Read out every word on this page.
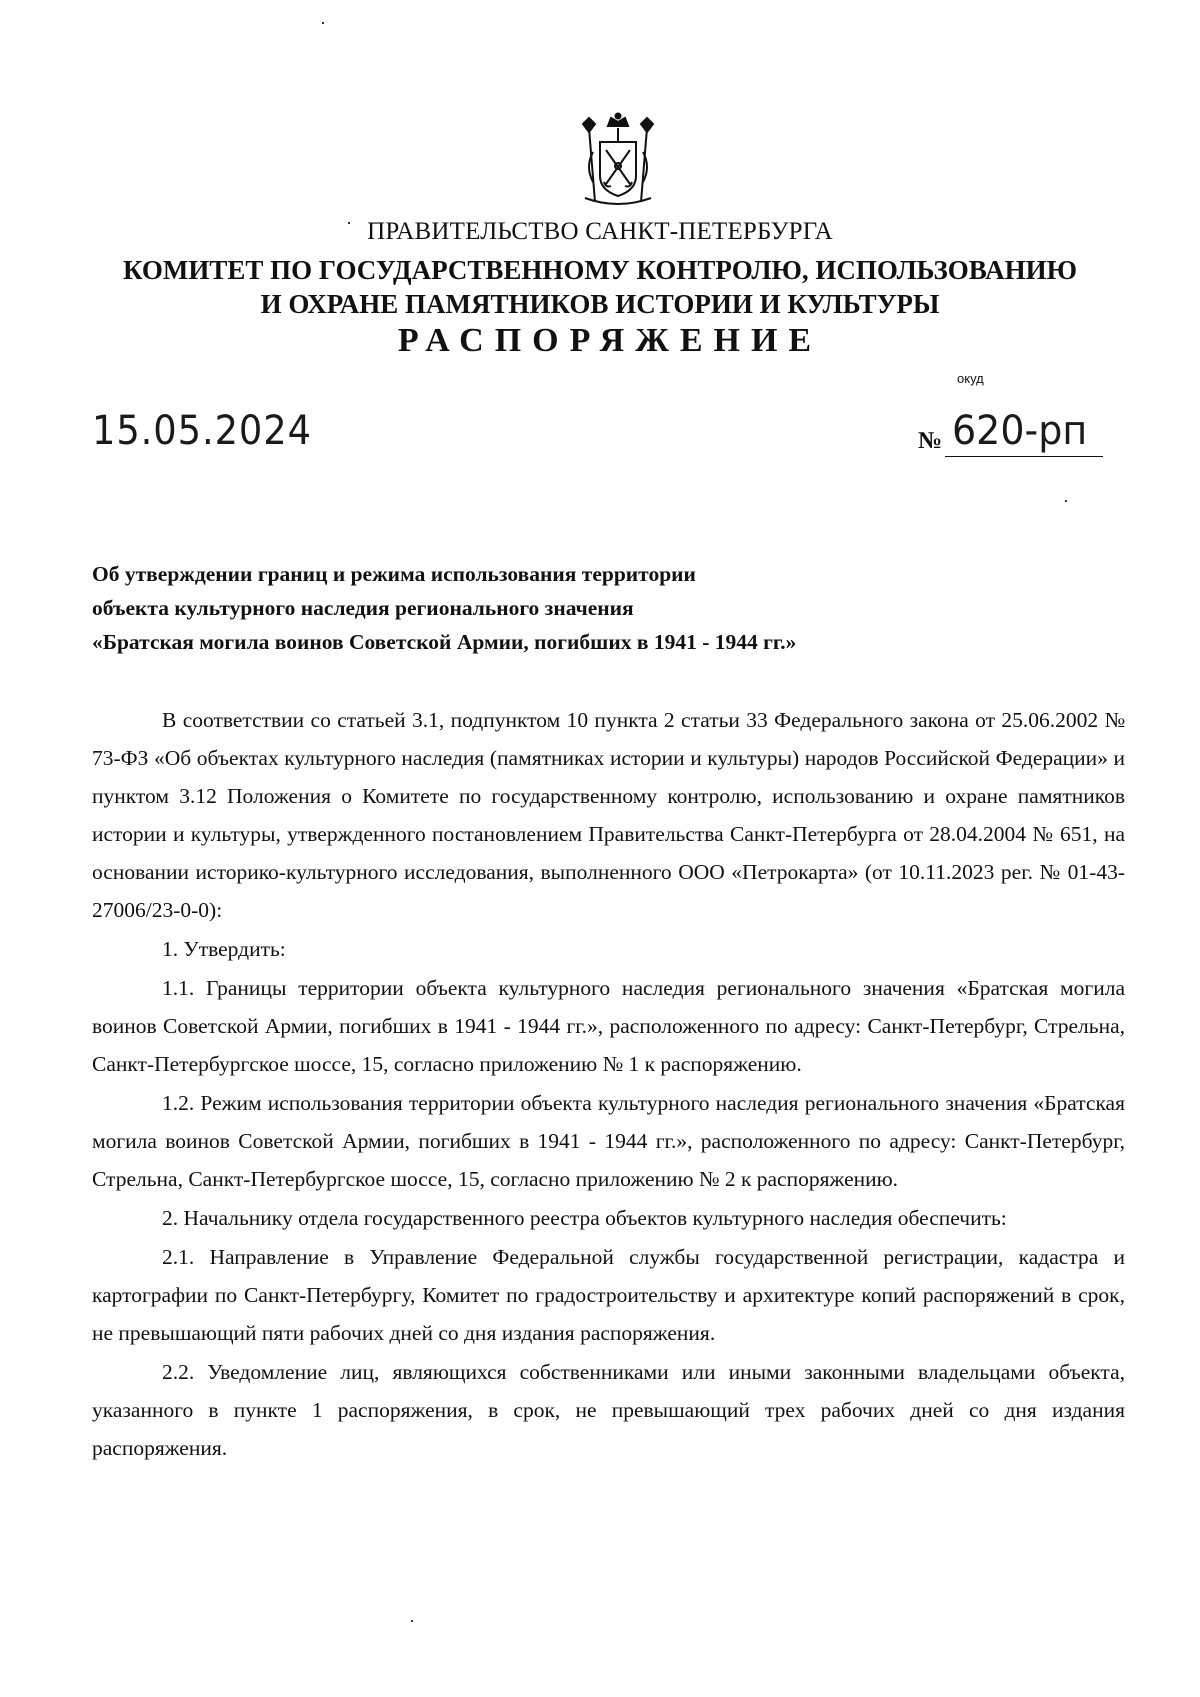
ПРАВИТЕЛЬСТВО САНКТ-ПЕТЕРБУРГА
КОМИТЕТ ПО ГОСУДАРСТВЕННОМУ КОНТРОЛЮ, ИСПОЛЬЗОВАНИЮ
И ОХРАНЕ ПАМЯТНИКОВ ИСТОРИИ И КУЛЬТУРЫ
РАСПОРЯЖЕНИЕ
окуд
15.05.2024	№ 620-рп
Об утверждении границ и режима использования территории
объекта культурного наследия регионального значения
«Братская могила воинов Советской Армии, погибших в 1941 - 1944 гг.»

В соответствии со статьей 3.1, подпунктом 10 пункта 2 статьи 33 Федерального закона от 25.06.2002 № 73-ФЗ «Об объектах культурного наследия (памятниках истории и культуры) народов Российской Федерации» и пунктом 3.12 Положения о Комитете по государственному контролю, использованию и охране памятников истории и культуры, утвержденного постановлением Правительства Санкт-Петербурга от 28.04.2004 № 651, на основании историко-культурного исследования, выполненного ООО «Петрокарта» (от 10.11.2023 рег. № 01-43-27006/23-0-0):

1. Утвердить:

1.1. Границы территории объекта культурного наследия регионального значения «Братская могила воинов Советской Армии, погибших в 1941 - 1944 гг.», расположенного по адресу: Санкт-Петербург, Стрельна, Санкт-Петербургское шоссе, 15, согласно приложению № 1 к распоряжению.

1.2. Режим использования территории объекта культурного наследия регионального значения «Братская могила воинов Советской Армии, погибших в 1941 - 1944 гг.», расположенного по адресу: Санкт-Петербург, Стрельна, Санкт-Петербургское шоссе, 15, согласно приложению № 2 к распоряжению.

2. Начальнику отдела государственного реестра объектов культурного наследия обеспечить:

2.1. Направление в Управление Федеральной службы государственной регистрации, кадастра и картографии по Санкт-Петербургу, Комитет по градостроительству и архитектуре копий распоряжений в срок, не превышающий пяти рабочих дней со дня издания распоряжения.

2.2. Уведомление лиц, являющихся собственниками или иными законными владельцами объекта, указанного в пункте 1 распоряжения, в срок, не превышающий трех рабочих дней со дня издания распоряжения.
